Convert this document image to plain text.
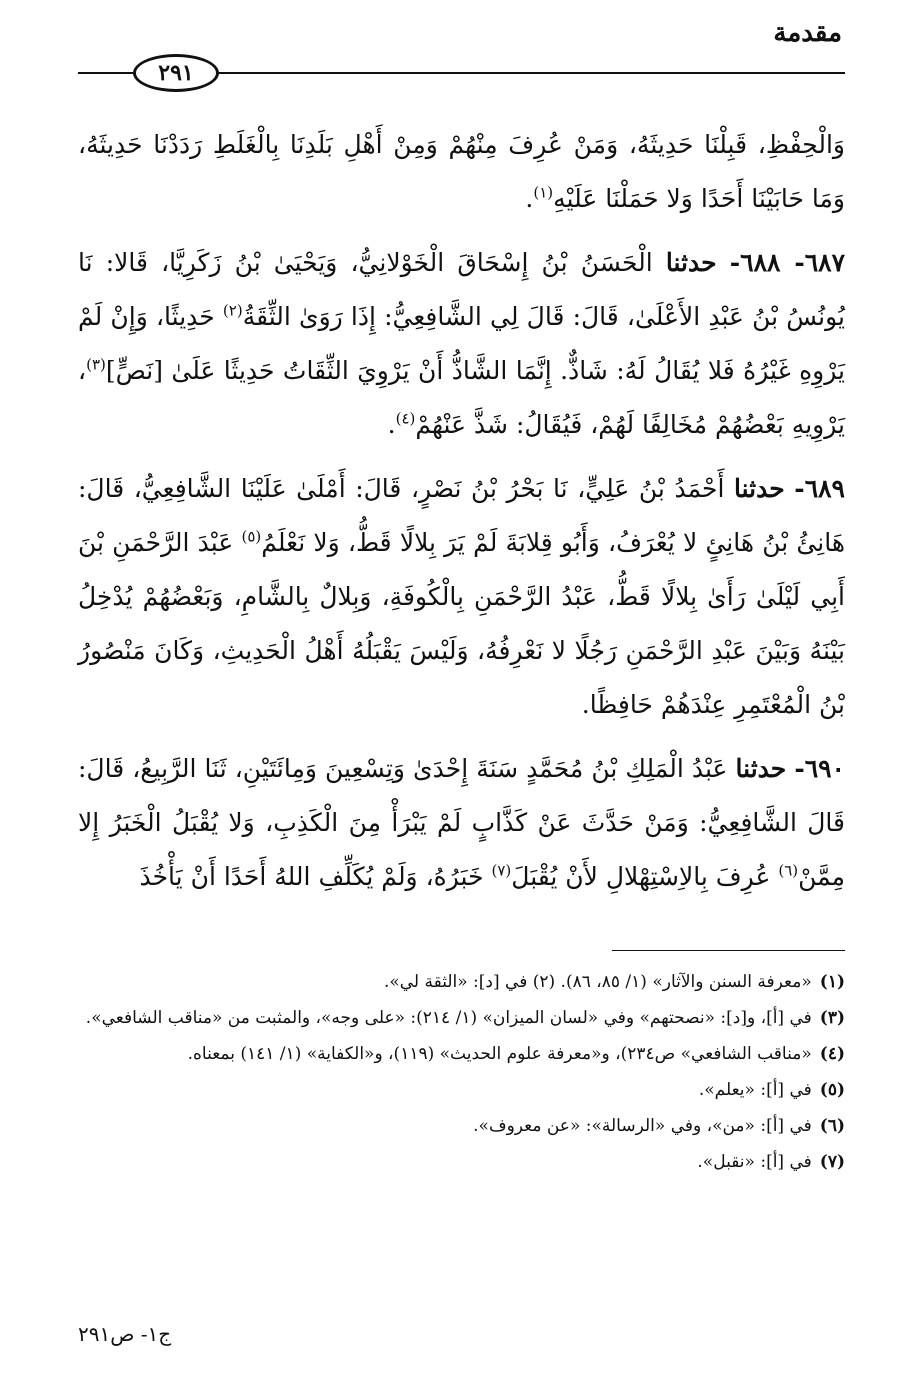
مقدمة
٢٩١

وَالْحِفْظِ، قَبِلْنَا حَدِيثَهُ، وَمَنْ عُرِفَ مِنْهُمْ وَمِنْ أَهْلِ بَلَدِنَا بِالْغَلَطِ رَدَدْنَا حَدِيثَهُ، وَمَا حَابَيْنَا أَحَدًا وَلا حَمَلْنَا عَلَيْهِ$^{(١)}$.

٦٨٧- ٦٨٨- حدثنا الْحَسَنُ بْنُ إِسْحَاقَ الْخَوْلانِيُّ، وَيَحْيَىٰ بْنُ زَكَرِيَّا، قَالا: نَا يُونُسُ بْنُ عَبْدِ الأَعْلَىٰ، قَالَ: قَالَ لِي الشَّافِعِيُّ: إِذَا رَوَىٰ الثِّقَةُ$^{(٢)}$ حَدِيثًا، وَإِنْ لَمْ يَرْوِهِ غَيْرُهُ فَلا يُقَالُ لَهُ: شَاذٌّ. إِنَّمَا الشَّاذُّ أَنْ يَرْوِيَ الثِّقَاتُ حَدِيثًا عَلَىٰ [نَصٍّ]$^{(٣)}$، يَرْوِيهِ بَعْضُهُمْ مُخَالِفًا لَهُمْ، فَيُقَالُ: شَذَّ عَنْهُمْ$^{(٤)}$.

٦٨٩- حدثنا أَحْمَدُ بْنُ عَلِيٍّ، نَا بَحْرُ بْنُ نَصْرٍ، قَالَ: أَمْلَىٰ عَلَيْنَا الشَّافِعِيُّ، قَالَ: هَانِئُ بْنُ هَانِئٍ لا يُعْرَفُ، وَأَبُو قِلابَةَ لَمْ يَرَ بِلالًا قَطُّ، وَلا نَعْلَمُ$^{(٥)}$ عَبْدَ الرَّحْمَنِ بْنَ أَبِي لَيْلَىٰ رَأَىٰ بِلالًا قَطُّ، عَبْدُ الرَّحْمَنِ بِالْكُوفَةِ، وَبِلالٌ بِالشَّامِ، وَبَعْضُهُمْ يُدْخِلُ بَيْنَهُ وَبَيْنَ عَبْدِ الرَّحْمَنِ رَجُلًا لا نَعْرِفُهُ، وَلَيْسَ يَقْبَلُهُ أَهْلُ الْحَدِيثِ، وَكَانَ مَنْصُورُ بْنُ الْمُعْتَمِرِ عِنْدَهُمْ حَافِظًا.

٦٩٠- حدثنا عَبْدُ الْمَلِكِ بْنُ مُحَمَّدٍ سَنَةَ إِحْدَىٰ وَتِسْعِينَ وَمِائَتَيْنِ، ثَنَا الرَّبِيعُ، قَالَ: قَالَ الشَّافِعِيُّ: وَمَنْ حَدَّثَ عَنْ كَذَّابٍ لَمْ يَبْرَأْ مِنَ الْكَذِبِ، وَلا يُقْبَلُ الْخَبَرُ إِلا مِمَّنْ$^{(٦)}$ عُرِفَ بِالاِسْتِهْلالِ لأَنْ يُقْبَلَ$^{(٧)}$ خَبَرُهُ، وَلَمْ يُكَلِّفِ اللهُ أَحَدًا أَنْ يَأْخُذَ

(١)«معرفة السنن والآثار» (١/ ٨٥، ٨٦). (٢) في [د]: «الثقة لي».

(٣)في [أ]، و[د]: «نصحتهم» وفي «لسان الميزان» (١/ ٢١٤): «على وجه»، والمثبت من «مناقب الشافعي».

(٤)«مناقب الشافعي» ص٢٣٤)، و«معرفة علوم الحديث» (١١٩)، و«الكفاية» (١/ ١٤١) بمعناه.

(٥)في [أ]: «يعلم».

(٦)في [أ]: «من»، وفي «الرسالة»: «عن معروف».

(٧)في [أ]: «نقبل».

ج١- ص٢٩١
